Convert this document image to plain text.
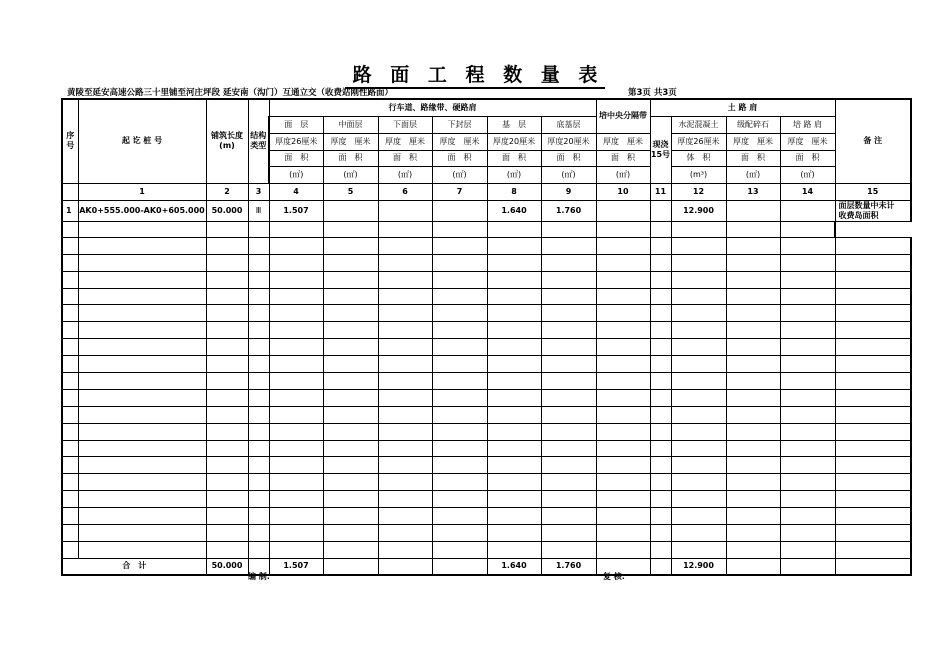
路 面 工 程 数 量 表
黄陵至延安高速公路三十里铺至河庄坪段 延安南（沟门）互通立交（收费站刚性路面）	第3页 共3页
序号	起 讫 桩 号	铺筑长度(m)	结构类型	行车道、路缘带、硬路肩						培中央分隔带	土 路 肩				备 注
				面　层	中面层	下面层	下封层	基　层	底基层		现浇15号	水泥混凝土	级配碎石	培 路 肩	
				厚度26厘米	厚度　厘米	厚度　厘米	厚度　厘米	厚度20厘米	厚度20厘米	厚度　厘米		厚度26厘米	厚度　厘米	厚度　厘米	
				面　积	面　积	面　积	面　积	面　积	面　积	面　积		体　积	面　积	面　积	
				(㎡)	(㎡)	(㎡)	(㎡)	(㎡)	(㎡)	(㎡)		(m³)	(㎡)	(㎡)	
	1	2	3	4	5	6	7	8	9	10	11	12	13	14	15
1	AK0+555.000-AK0+605.000	50.000	Ⅲ	1.507				1.640	1.760			12.900			面层数量中未计
收费岛面积

合　计		50.000		1.507				1.640	1.760			12.900			
编 制:	复 核:
